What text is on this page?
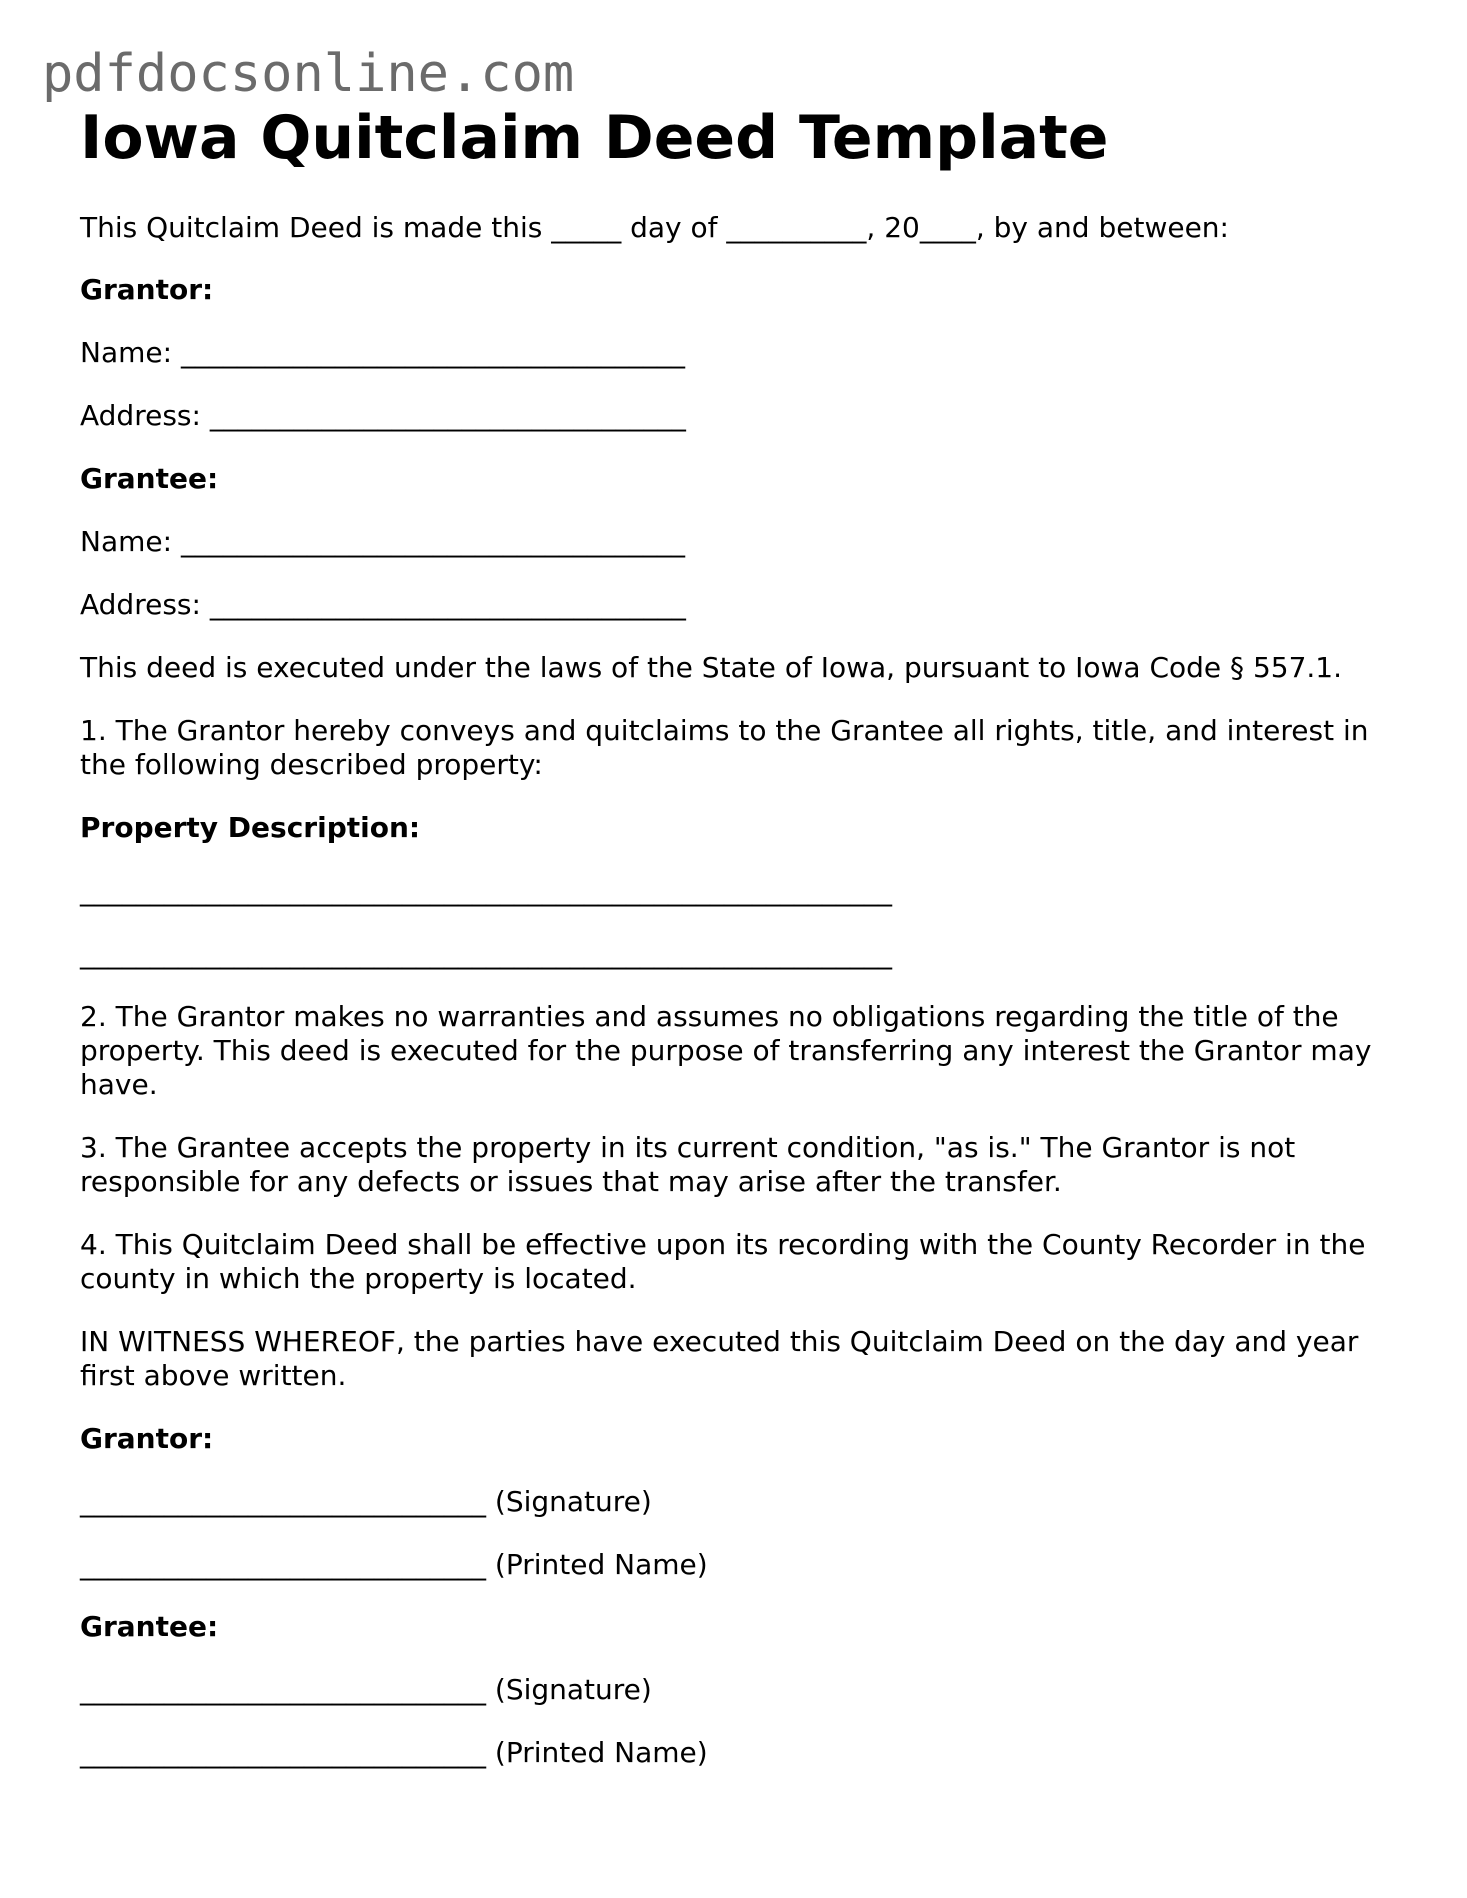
pdfdocsonline.com
Iowa Quitclaim Deed Template

This Quitclaim Deed is made this _____ day of __________, 20____, by and between:

Grantor:

Name: ____________________________________

Address: __________________________________

Grantee:

Name: ____________________________________

Address: __________________________________

This deed is executed under the laws of the State of Iowa, pursuant to Iowa Code § 557.1.

1. The Grantor hereby conveys and quitclaims to the Grantee all rights, title, and interest in the following described property:

Property Description:

__________________________________________________________

__________________________________________________________

2. The Grantor makes no warranties and assumes no obligations regarding the title of the property. This deed is executed for the purpose of transferring any interest the Grantor may have.

3. The Grantee accepts the property in its current condition, "as is." The Grantor is not responsible for any defects or issues that may arise after the transfer.

4. This Quitclaim Deed shall be effective upon its recording with the County Recorder in the county in which the property is located.

IN WITNESS WHEREOF, the parties have executed this Quitclaim Deed on the day and year first above written.

Grantor:

_____________________________ (Signature)

_____________________________ (Printed Name)

Grantee:

_____________________________ (Signature)

_____________________________ (Printed Name)
